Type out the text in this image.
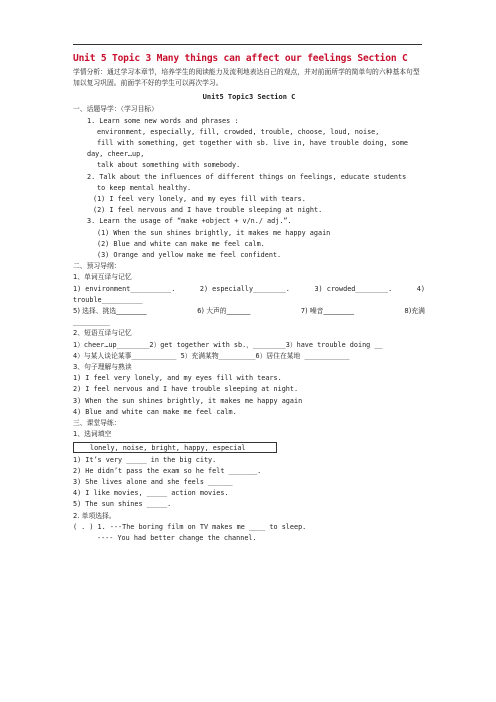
Unit 5 Topic 3 Many things can affect our feelings Section C

学情分析：通过学习本章节，培养学生的阅读能力及流利地表达自己的观点，并对前面所学的简单句的六种基本句型加以复习巩固。前面学不好的学生可以再次学习。

Unit5 Topic3 Section C

一、话题导学：（学习目标）

1. Learn some new words and phrases :

environment, especially, fill, crowded, trouble, choose, loud, noise,

fill with something, get together with sb. live in, have trouble doing, some

day, cheer…up,

talk about something with somebody.

2. Talk about the influences of different things on feelings, educate students

to keep mental healthy.

(1) I feel very lonely, and my eyes fill with tears.

(2) I feel nervous and I have trouble sleeping at night.

3. Learn the usage of “make +object + v/n./ adj.”.

(1) When the sun shines brightly, it makes me happy again

(2) Blue and white can make me feel calm.

(3) Orange and yellow make me feel confident.

二、预习导纲：

1、单词互译与记忆

1) environment__________.	2) especially________.	3) crowded________.	4)

trouble__________

5) 选择、挑选_________	6) 大声的_______	7) 噪音_________	8)充满

_________

2、短语互译与记忆

1）cheer…up________2）get together with sb.，________3）have trouble doing __

4）与某人谈论某事___________ 5）充满某物_________6）居住在某地 ___________

3、句子理解与熟读

1) I feel very lonely, and my eyes fill with tears.

2) I feel nervous and I have trouble sleeping at night.

3) When the sun shines brightly, it makes me happy again

4) Blue and white can make me feel calm.

三、课堂导练：

1、选词填空

lonely, noise, bright, happy, especial

1) It’s very _____ in the big city.

2) He didn’t pass the exam so he felt _______.

3) She lives alone and she feels ______

4) I like movies, _____ action movies.

5) The sun shines _____.

2. 单项选择。

( . ) 1. ---The boring film on TV makes me ____ to sleep.

---- You had better change the channel.
